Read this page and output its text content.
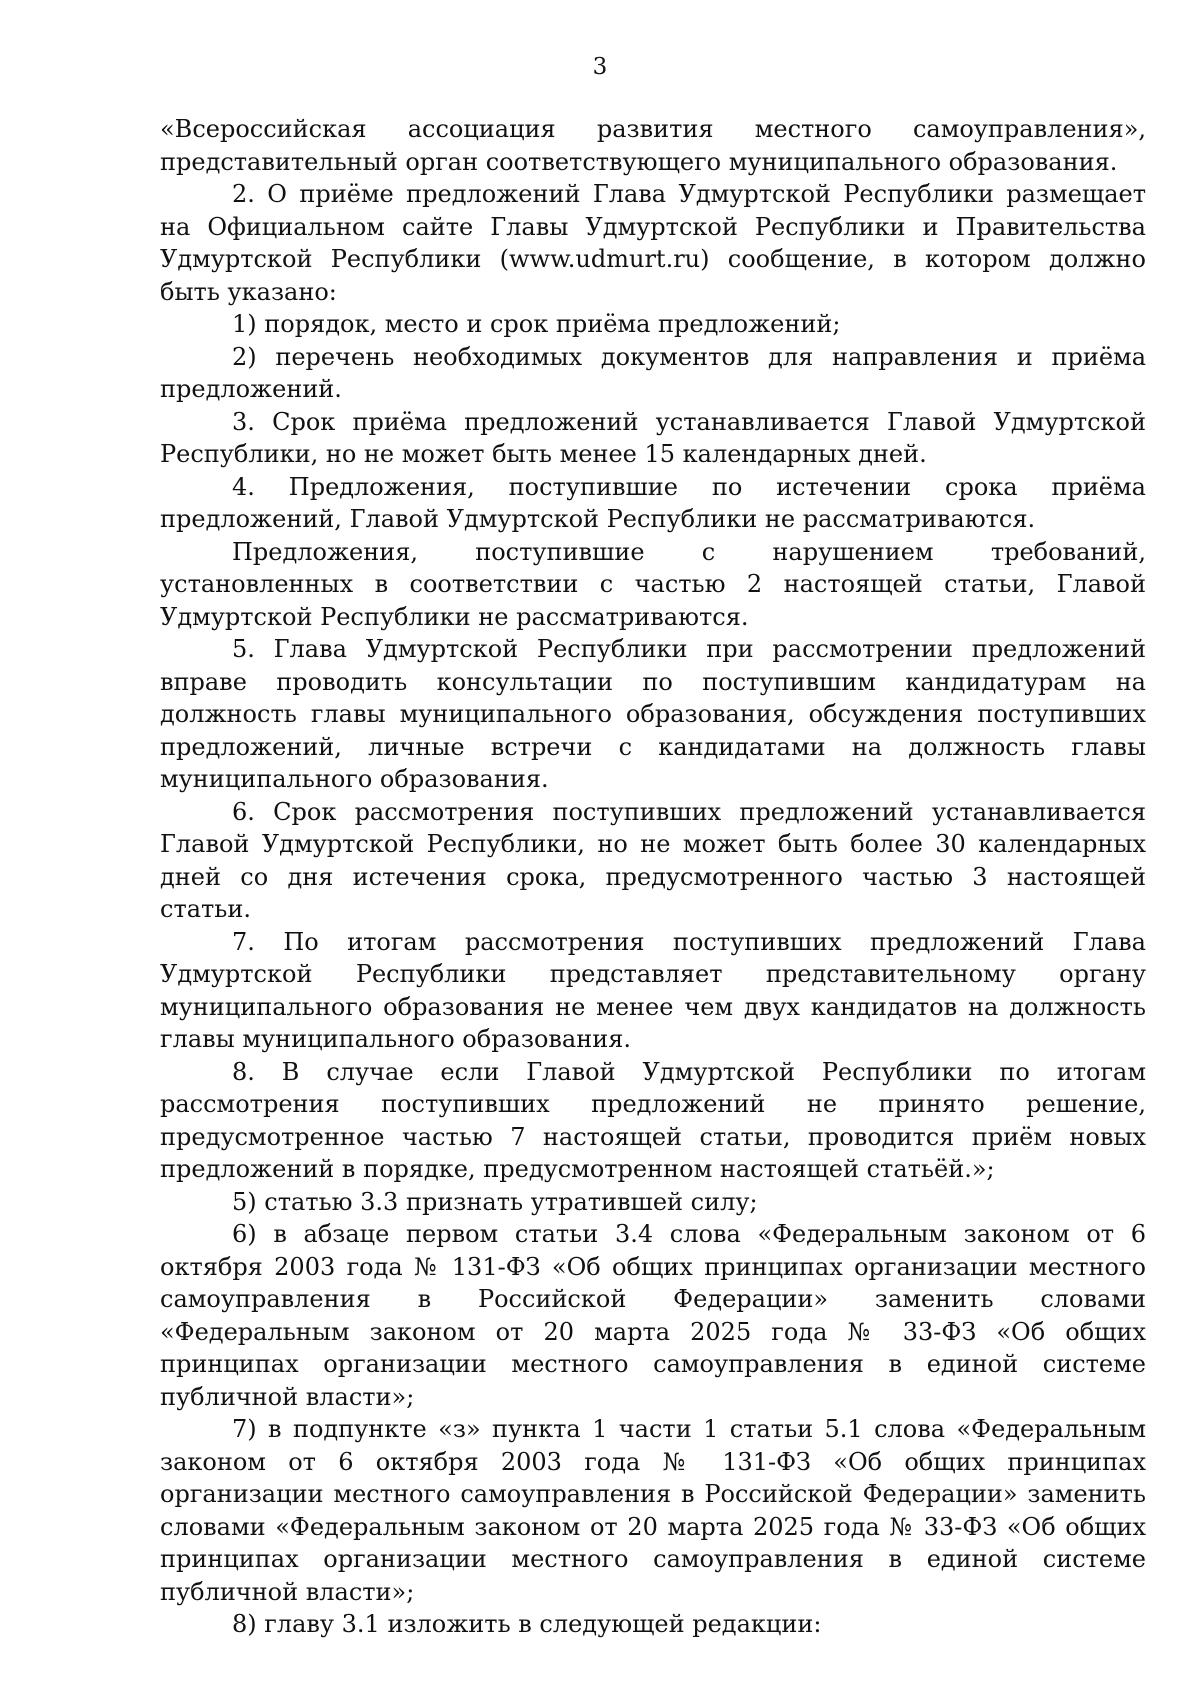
3

«Всероссийская ассоциация развития местного самоуправления», представительный орган соответствующего муниципального образования.

2. О приёме предложений Глава Удмуртской Республики размещает на Официальном сайте Главы Удмуртской Республики и Правительства Удмуртской Республики (www.udmurt.ru) сообщение, в котором должно быть указано:

1) порядок, место и срок приёма предложений;

2) перечень необходимых документов для направления и приёма предложений.

3. Срок приёма предложений устанавливается Главой Удмуртской Республики, но не может быть менее 15 календарных дней.

4. Предложения, поступившие по истечении срока приёма предложений, Главой Удмуртской Республики не рассматриваются.

Предложения, поступившие с нарушением требований, установленных в соответствии с частью 2 настоящей статьи, Главой Удмуртской Республики не рассматриваются.

5. Глава Удмуртской Республики при рассмотрении предложений вправе проводить консультации по поступившим кандидатурам на должность главы муниципального образования, обсуждения поступивших предложений, личные встречи с кандидатами на должность главы муниципального образования.

6. Срок рассмотрения поступивших предложений устанавливается Главой Удмуртской Республики, но не может быть более 30 календарных дней со дня истечения срока, предусмотренного частью 3 настоящей статьи.

7. По итогам рассмотрения поступивших предложений Глава Удмуртской Республики представляет представительному органу муниципального образования не менее чем двух кандидатов на должность главы муниципального образования.

8. В случае если Главой Удмуртской Республики по итогам рассмотрения поступивших предложений не принято решение, предусмотренное частью 7 настоящей статьи, проводится приём новых предложений в порядке, предусмотренном настоящей статьёй.»;

5) статью 3.3 признать утратившей силу;

6) в абзаце первом статьи 3.4 слова «Федеральным законом от 6 октября 2003 года № 131-ФЗ «Об общих принципах организации местного самоуправления в Российской Федерации» заменить словами «Федеральным законом от 20 марта 2025 года № 33-ФЗ «Об общих принципах организации местного самоуправления в единой системе публичной власти»;

7) в подпункте «з» пункта 1 части 1 статьи 5.1 слова «Федеральным законом от 6 октября 2003 года № 131-ФЗ «Об общих принципах организации местного самоуправления в Российской Федерации» заменить словами «Федеральным законом от 20 марта 2025 года № 33-ФЗ «Об общих принципах организации местного самоуправления в единой системе публичной власти»;

8) главу 3.1 изложить в следующей редакции:
